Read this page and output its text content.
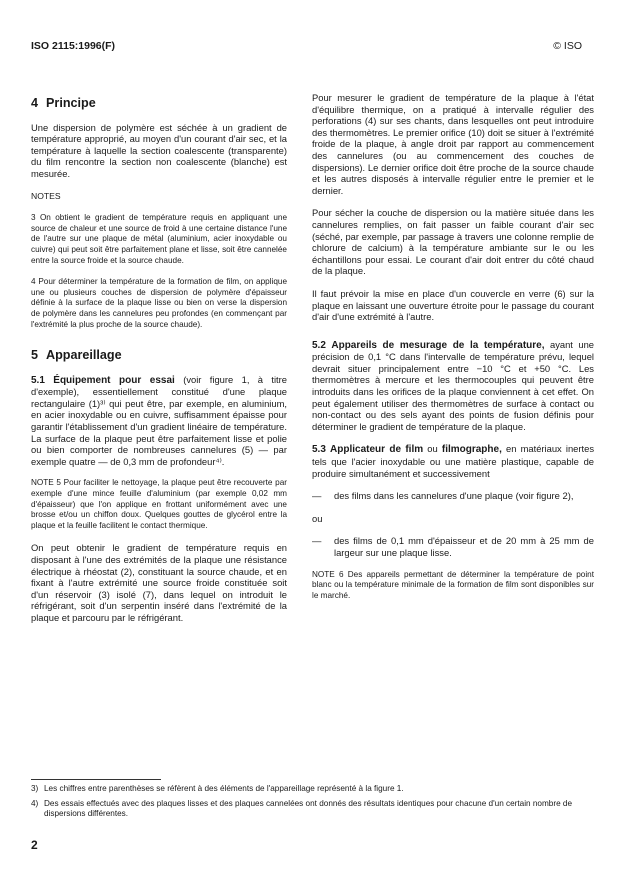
ISO 2115:1996(F)	© ISO
4 Principe

Une dispersion de polymère est séchée à un gradient de température approprié, au moyen d'un courant d'air sec, et la température à laquelle la section coalescente (transparente) du film rencontre la section non coalescente (blanche) est mesurée.

NOTES

3 On obtient le gradient de température requis en appliquant une source de chaleur et une source de froid à une certaine distance l'une de l'autre sur une plaque de métal (aluminium, acier inoxydable ou cuivre) qui peut soit être parfaitement plane et lisse, soit être cannelée entre la source froide et la source chaude.

4 Pour déterminer la température de la formation de film, on applique une ou plusieurs couches de dispersion de polymère d'épaisseur définie à la surface de la plaque lisse ou bien on verse la dispersion de polymère dans les cannelures peu profondes (en commençant par l'extrémité la plus proche de la source chaude).

5 Appareillage

5.1 Équipement pour essai (voir figure 1, à titre d'exemple), essentiellement constitué d'une plaque rectangulaire (1)³⁾ qui peut être, par exemple, en aluminium, en acier inoxydable ou en cuivre, suffisamment épaisse pour garantir l'établissement d'un gradient linéaire de température. La surface de la plaque peut être parfaitement lisse et polie ou bien comporter de nombreuses cannelures (5) — par exemple quatre — de 0,3 mm de profondeur⁴⁾.

NOTE 5 Pour faciliter le nettoyage, la plaque peut être recouverte par exemple d'une mince feuille d'aluminium (par exemple 0,02 mm d'épaisseur) que l'on applique en frottant uniformément avec une brosse et/ou un chiffon doux. Quelques gouttes de glycérol entre la plaque et la feuille facilitent le contact thermique.

On peut obtenir le gradient de température requis en disposant à l'une des extrémités de la plaque une résistance électrique à rhéostat (2), constituant la source chaude, et en fixant à l'autre extrémité une source froide constituée soit d'un réservoir (3) isolé (7), dans lequel on introduit le réfrigérant, soit d'un serpentin inséré dans l'extrémité de la plaque et parcouru par le réfrigérant.

Pour mesurer le gradient de température de la plaque à l'état d'équilibre thermique, on a pratiqué à intervalle régulier des perforations (4) sur ses chants, dans lesquelles ont peut introduire des thermomètres. Le premier orifice (10) doit se situer à l'extrémité froide de la plaque, à angle droit par rapport au commencement des cannelures (ou au commencement des couches de dispersions). Le dernier orifice doit être proche de la source chaude et les autres disposés à intervalle régulier entre le premier et le dernier.

Pour sécher la couche de dispersion ou la matière située dans les cannelures remplies, on fait passer un faible courant d'air sec (séché, par exemple, par passage à travers une colonne remplie de chlorure de calcium) à la température ambiante sur le ou les échantillons pour essai. Le courant d'air doit entrer du côté chaud de la plaque.

Il faut prévoir la mise en place d'un couvercle en verre (6) sur la plaque en laissant une ouverture étroite pour le passage du courant d'air d'une extrémité à l'autre.

5.2 Appareils de mesurage de la température, ayant une précision de 0,1 °C dans l'intervalle de température prévu, lequel devrait situer principalement entre −10 °C et +50 °C. Les thermomètres à mercure et les thermocouples qui peuvent être introduits dans les orifices de la plaque conviennent à cet effet. On peut également utiliser des thermomètres de surface à contact ou non-contact ou des sels ayant des points de fusion définis pour déterminer le gradient de température de la plaque.

5.3 Applicateur de film ou filmographe, en matériaux inertes tels que l'acier inoxydable ou une matière plastique, capable de produire simultanément et successivement

—	des films dans les cannelures d'une plaque (voir figure 2),
ou
—	des films de 0,1 mm d'épaisseur et de 20 mm à 25 mm de largeur sur une plaque lisse.

NOTE 6 Des appareils permettant de déterminer la température de point blanc ou la température minimale de la formation de film sont disponibles sur le marché.

3) Les chiffres entre parenthèses se réfèrent à des éléments de l'appareillage représenté à la figure 1.
4) Des essais effectués avec des plaques lisses et des plaques cannelées ont donnés des résultats identiques pour chacune d'un certain nombre de dispersions différentes.
2
